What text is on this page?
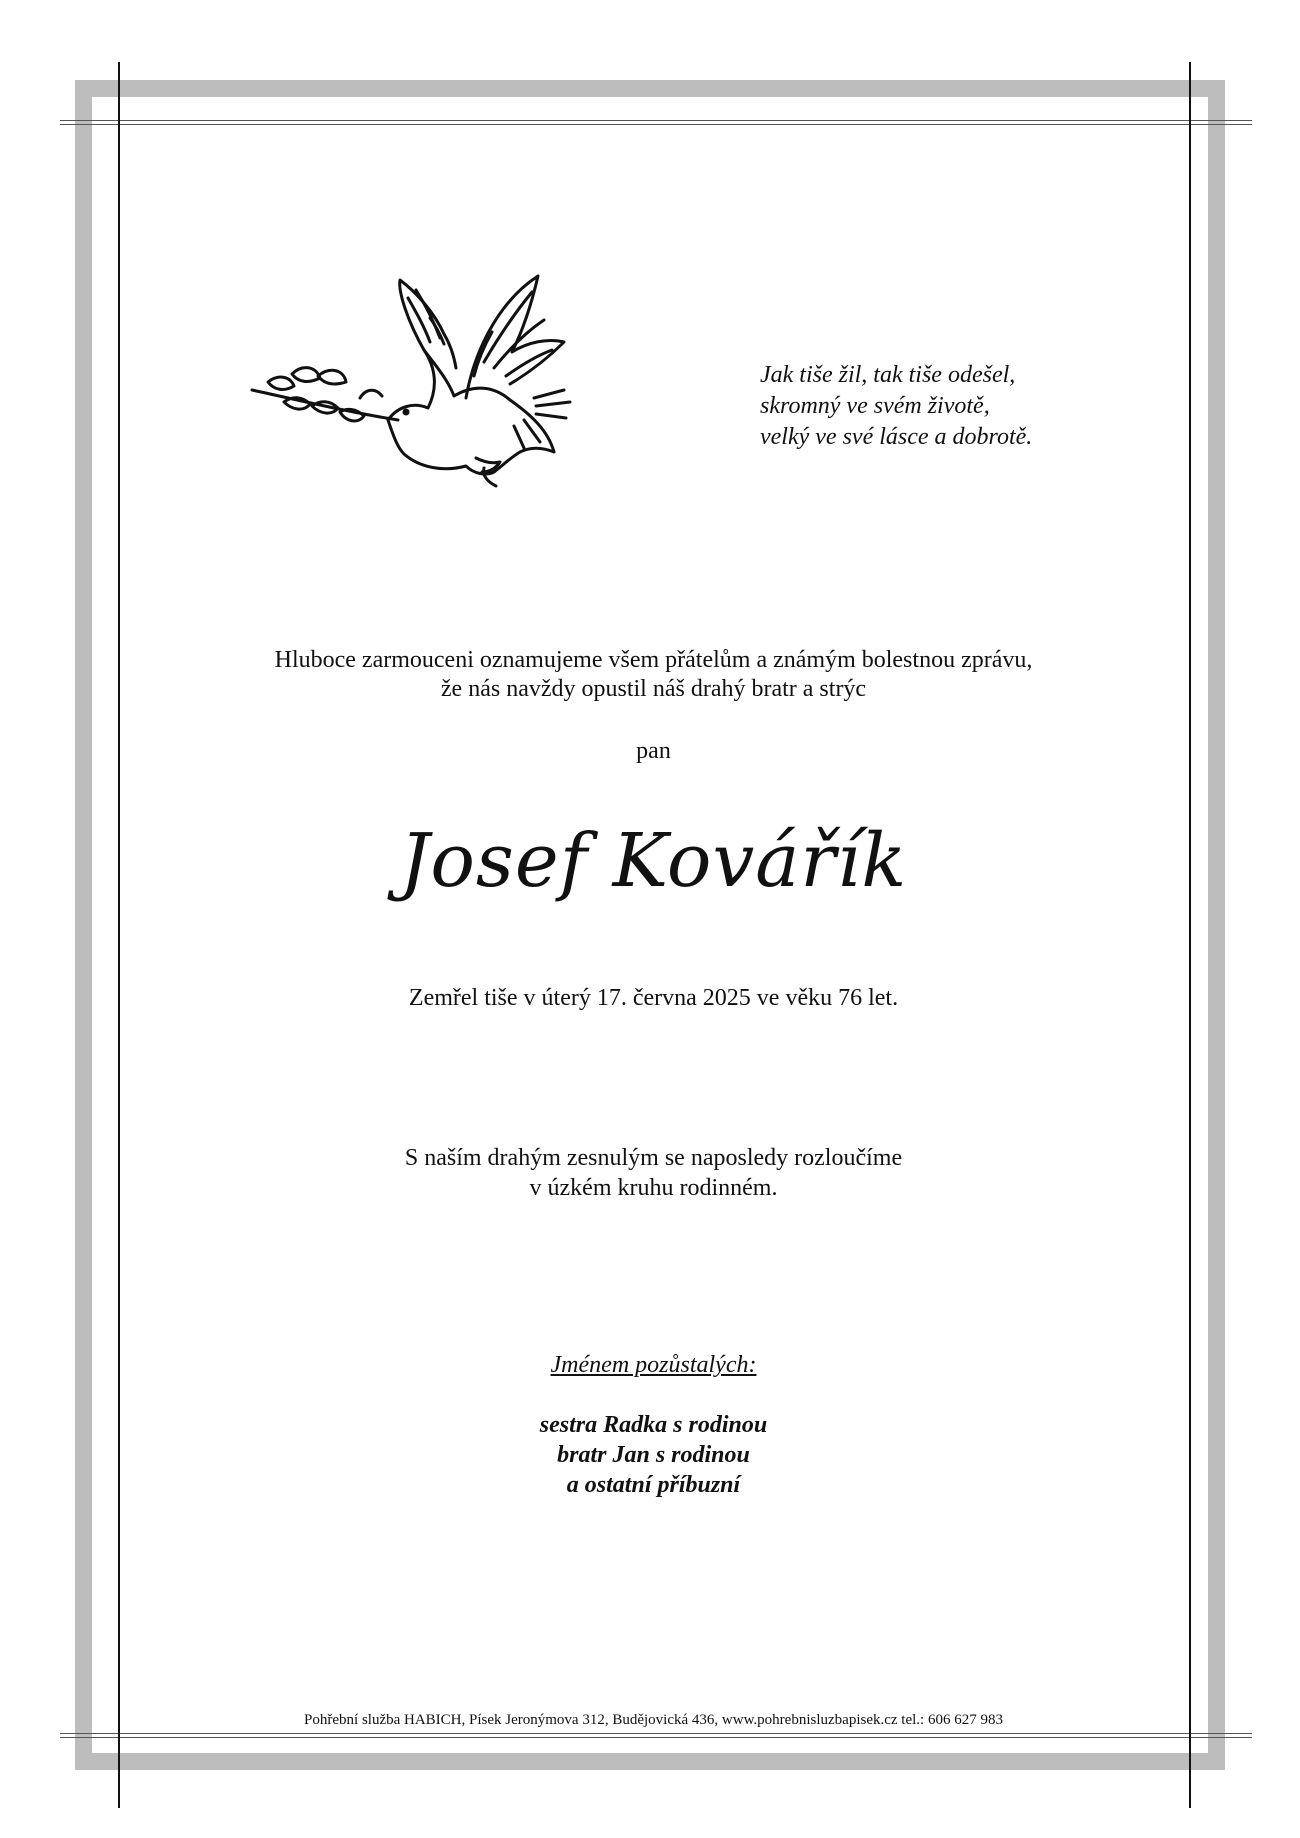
Jak tiše žil, tak tiše odešel,
skromný ve svém životě,
velký ve své lásce a dobrotě.
Hluboce zarmouceni oznamujeme všem přátelům a známým bolestnou zprávu,
že nás navždy opustil náš drahý bratr a strýc
pan
Josef Kovářík
Zemřel tiše v úterý 17. června 2025 ve věku 76 let.
S naším drahým zesnulým se naposledy rozloučíme
v úzkém kruhu rodinném.
Jménem pozůstalých:
sestra Radka s rodinou
bratr Jan s rodinou
a ostatní příbuzní
Pohřební služba HABICH, Písek Jeronýmova 312, Budějovická 436, www.pohrebnisluzbapisek.cz tel.: 606 627 983
